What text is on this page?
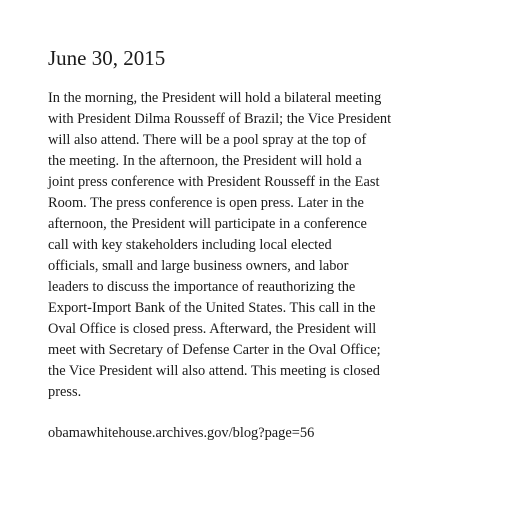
June 30, 2015

In the morning, the President will hold a bilateral meeting
with President Dilma Rousseff of Brazil; the Vice President
will also attend. There will be a pool spray at the top of
the meeting. In the afternoon, the President will hold a
joint press conference with President Rousseff in the East
Room. The press conference is open press. Later in the
afternoon, the President will participate in a conference
call with key stakeholders including local elected
officials, small and large business owners, and labor
leaders to discuss the importance of reauthorizing the
Export-Import Bank of the United States. This call in the
Oval Office is closed press. Afterward, the President will
meet with Secretary of Defense Carter in the Oval Office;
the Vice President will also attend. This meeting is closed
press.

obamawhitehouse.archives.gov/blog?page=56
